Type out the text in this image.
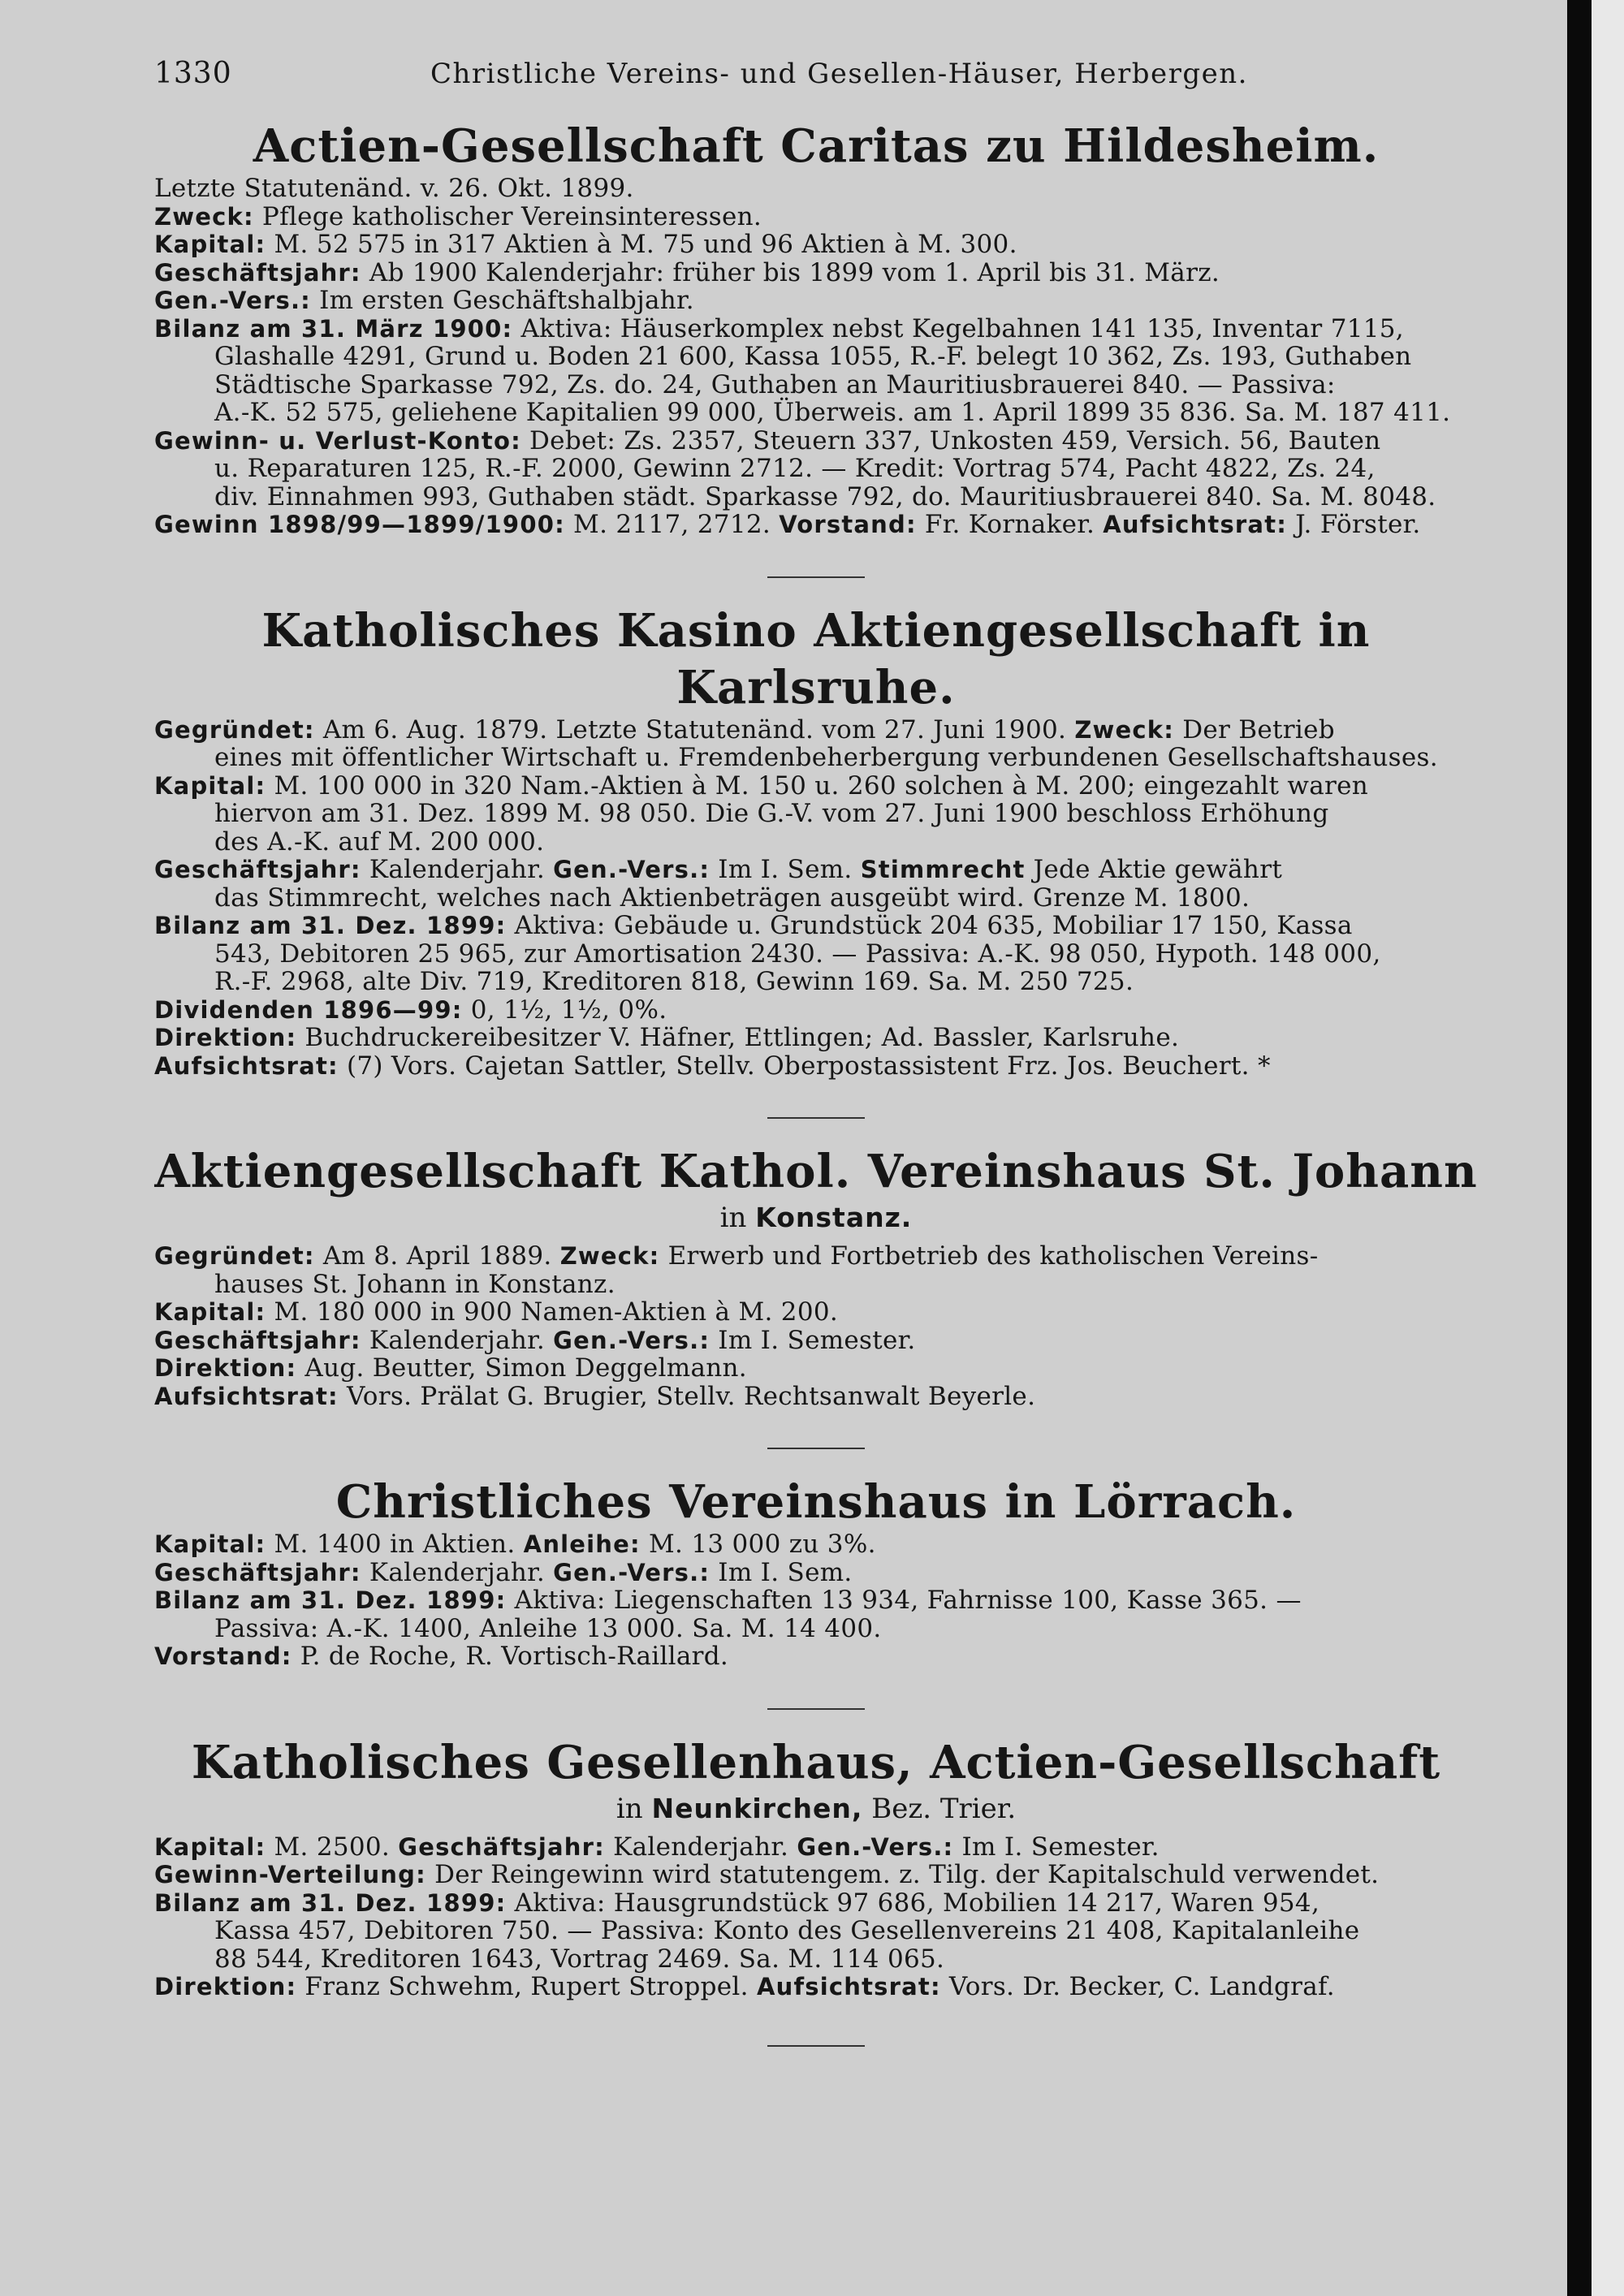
1330	Christliche Vereins- und Gesellen-Häuser, Herbergen.
Actien-Gesellschaft Caritas zu Hildesheim.

Letzte Statutenänd. v. 26. Okt. 1899.

Zweck: Pflege katholischer Vereinsinteressen.

Kapital: M. 52 575 in 317 Aktien à M. 75 und 96 Aktien à M. 300.

Geschäftsjahr: Ab 1900 Kalenderjahr: früher bis 1899 vom 1. April bis 31. März.

Gen.-Vers.: Im ersten Geschäftshalbjahr.

Bilanz am 31. März 1900: Aktiva: Häuserkomplex nebst Kegelbahnen 141 135, Inventar 7115,

Glashalle 4291, Grund u. Boden 21 600, Kassa 1055, R.-F. belegt 10 362, Zs. 193, Guthaben

Städtische Sparkasse 792, Zs. do. 24, Guthaben an Mauritiusbrauerei 840. — Passiva:

A.-K. 52 575, geliehene Kapitalien 99 000, Überweis. am 1. April 1899 35 836. Sa. M. 187 411.

Gewinn- u. Verlust-Konto: Debet: Zs. 2357, Steuern 337, Unkosten 459, Versich. 56, Bauten

u. Reparaturen 125, R.-F. 2000, Gewinn 2712. — Kredit: Vortrag 574, Pacht 4822, Zs. 24,

div. Einnahmen 993, Guthaben städt. Sparkasse 792, do. Mauritiusbrauerei 840. Sa. M. 8048.

Gewinn 1898/99—1899/1900: M. 2117, 2712. Vorstand: Fr. Kornaker. Aufsichtsrat: J. Förster.

Katholisches Kasino Aktiengesellschaft in Karlsruhe.

Gegründet: Am 6. Aug. 1879. Letzte Statutenänd. vom 27. Juni 1900. Zweck: Der Betrieb

eines mit öffentlicher Wirtschaft u. Fremdenbeherbergung verbundenen Gesellschaftshauses.

Kapital: M. 100 000 in 320 Nam.-Aktien à M. 150 u. 260 solchen à M. 200; eingezahlt waren

hiervon am 31. Dez. 1899 M. 98 050. Die G.-V. vom 27. Juni 1900 beschloss Erhöhung

des A.-K. auf M. 200 000.

Geschäftsjahr: Kalenderjahr. Gen.-Vers.: Im I. Sem. Stimmrecht Jede Aktie gewährt

das Stimmrecht, welches nach Aktienbeträgen ausgeübt wird. Grenze M. 1800.

Bilanz am 31. Dez. 1899: Aktiva: Gebäude u. Grundstück 204 635, Mobiliar 17 150, Kassa

543, Debitoren 25 965, zur Amortisation 2430. — Passiva: A.-K. 98 050, Hypoth. 148 000,

R.-F. 2968, alte Div. 719, Kreditoren 818, Gewinn 169. Sa. M. 250 725.

Dividenden 1896—99: 0, 1½, 1½, 0%.

Direktion: Buchdruckereibesitzer V. Häfner, Ettlingen; Ad. Bassler, Karlsruhe.

Aufsichtsrat: (7) Vors. Cajetan Sattler, Stellv. Oberpostassistent Frz. Jos. Beuchert. *

Aktiengesellschaft Kathol. Vereinshaus St. Johann
in Konstanz.

Gegründet: Am 8. April 1889. Zweck: Erwerb und Fortbetrieb des katholischen Vereins-

hauses St. Johann in Konstanz.

Kapital: M. 180 000 in 900 Namen-Aktien à M. 200.

Geschäftsjahr: Kalenderjahr. Gen.-Vers.: Im I. Semester.

Direktion: Aug. Beutter, Simon Deggelmann.

Aufsichtsrat: Vors. Prälat G. Brugier, Stellv. Rechtsanwalt Beyerle.

Christliches Vereinshaus in Lörrach.

Kapital: M. 1400 in Aktien. Anleihe: M. 13 000 zu 3%.

Geschäftsjahr: Kalenderjahr. Gen.-Vers.: Im I. Sem.

Bilanz am 31. Dez. 1899: Aktiva: Liegenschaften 13 934, Fahrnisse 100, Kasse 365. —

Passiva: A.-K. 1400, Anleihe 13 000. Sa. M. 14 400.

Vorstand: P. de Roche, R. Vortisch-Raillard.

Katholisches Gesellenhaus, Actien-Gesellschaft
in Neunkirchen, Bez. Trier.

Kapital: M. 2500. Geschäftsjahr: Kalenderjahr. Gen.-Vers.: Im I. Semester.

Gewinn-Verteilung: Der Reingewinn wird statutengem. z. Tilg. der Kapitalschuld verwendet.

Bilanz am 31. Dez. 1899: Aktiva: Hausgrundstück 97 686, Mobilien 14 217, Waren 954,

Kassa 457, Debitoren 750. — Passiva: Konto des Gesellenvereins 21 408, Kapitalanleihe

88 544, Kreditoren 1643, Vortrag 2469. Sa. M. 114 065.

Direktion: Franz Schwehm, Rupert Stroppel. Aufsichtsrat: Vors. Dr. Becker, C. Landgraf.
